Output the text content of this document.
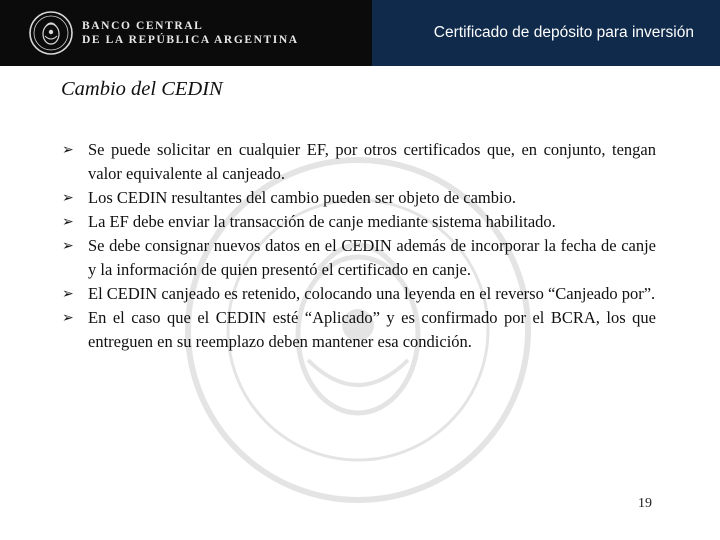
BANCO CENTRAL
DE LA REPÚBLICA ARGENTINA	Certificado de depósito para inversión
Cambio del CEDIN
➢ Se puede solicitar en cualquier EF, por otros certificados que, en conjunto, tengan valor equivalente al canjeado.
➢ Los CEDIN resultantes del cambio pueden ser objeto de cambio.
➢ La EF debe enviar la transacción de canje mediante sistema habilitado.
➢ Se debe consignar nuevos datos en el CEDIN además de incorporar la fecha de canje y la información de quien presentó el certificado en canje.
➢ El CEDIN canjeado es retenido, colocando una leyenda en el reverso “Canjeado por”.
➢ En el caso que el CEDIN esté “Aplicado” y es confirmado por el BCRA, los que entreguen en su reemplazo deben mantener esa condición.
19
